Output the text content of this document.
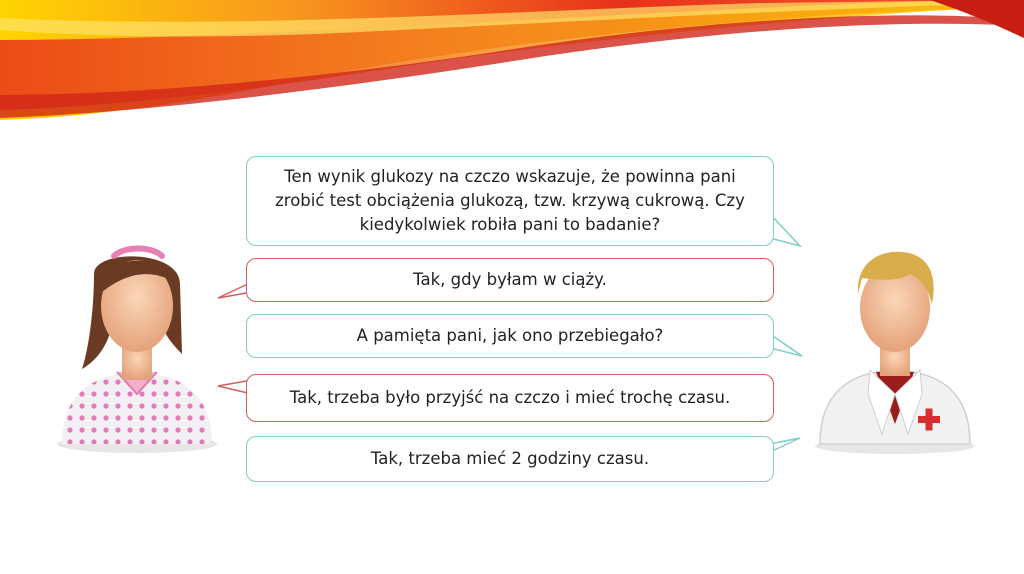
Ten wynik glukozy na czczo wskazuje, że powinna pani zrobić test obciążenia glukozą, tzw. krzywą cukrową. Czy kiedykolwiek robiła pani to badanie?
Tak, gdy byłam w ciąży.
A pamięta pani, jak ono przebiegało?
Tak, trzeba było przyjść na czczo i mieć trochę czasu.
Tak, trzeba mieć 2 godziny czasu.
